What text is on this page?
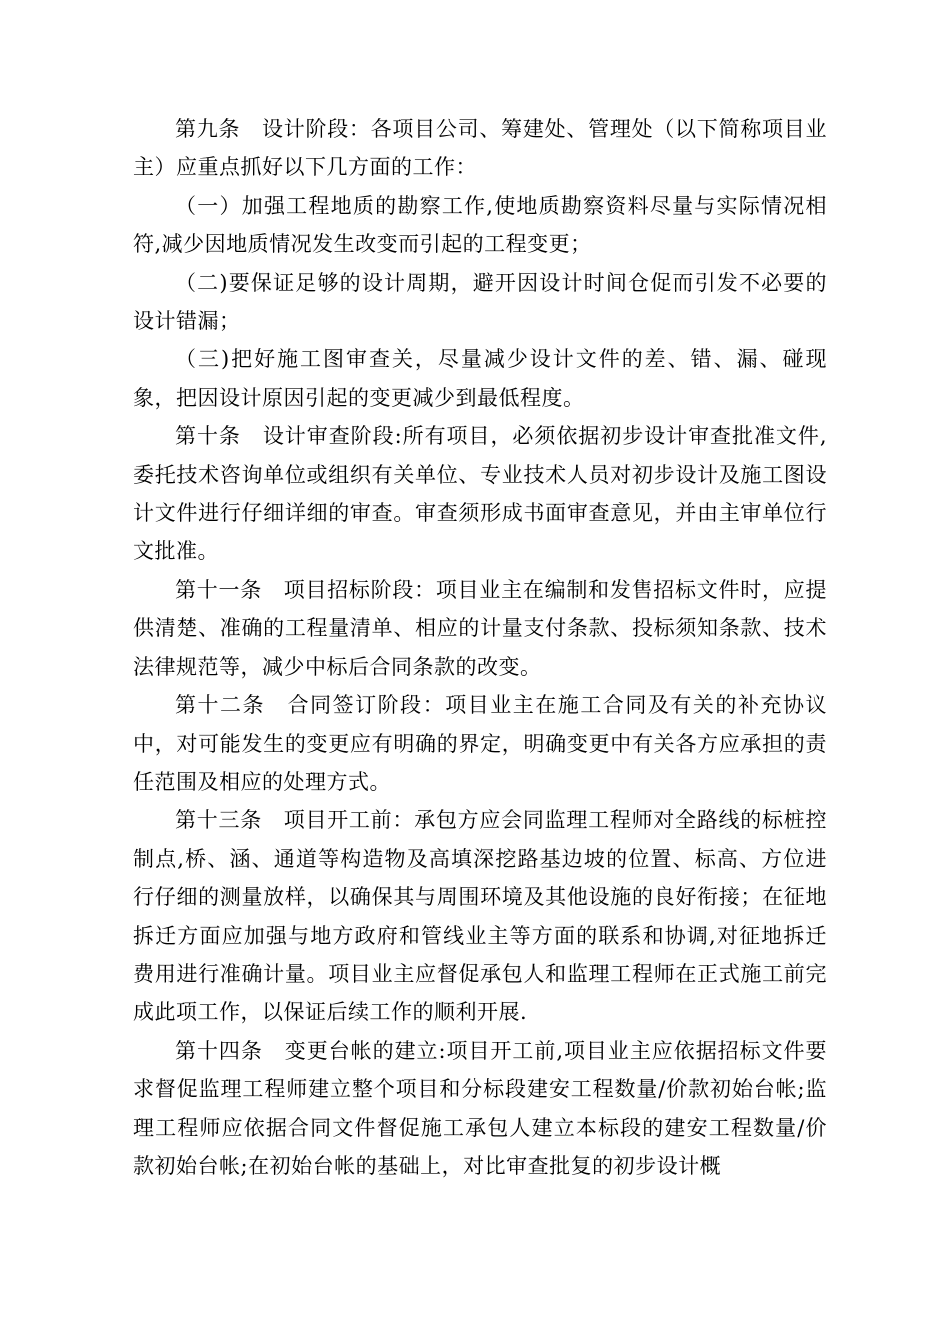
第九条　设计阶段：各项目公司、筹建处、管理处（以下简称项目业主）应重点抓好以下几方面的工作：

（一）加强工程地质的勘察工作,使地质勘察资料尽量与实际情况相符,减少因地质情况发生改变而引起的工程变更；

（二)要保证足够的设计周期，避开因设计时间仓促而引发不必要的设计错漏；

（三)把好施工图审查关，尽量减少设计文件的差、错、漏、碰现象，把因设计原因引起的变更减少到最低程度。

第十条　设计审查阶段:所有项目，必须依据初步设计审查批准文件,委托技术咨询单位或组织有关单位、专业技术人员对初步设计及施工图设计文件进行仔细详细的审查。审查须形成书面审查意见，并由主审单位行文批准。

第十一条　项目招标阶段：项目业主在编制和发售招标文件时，应提供清楚、准确的工程量清单、相应的计量支付条款、投标须知条款、技术法律规范等，减少中标后合同条款的改变。

第十二条　合同签订阶段：项目业主在施工合同及有关的补充协议中，对可能发生的变更应有明确的界定，明确变更中有关各方应承担的责任范围及相应的处理方式。

第十三条　项目开工前：承包方应会同监理工程师对全路线的标桩控制点,桥、涵、通道等构造物及高填深挖路基边坡的位置、标高、方位进行仔细的测量放样，以确保其与周围环境及其他设施的良好衔接；在征地拆迁方面应加强与地方政府和管线业主等方面的联系和协调,对征地拆迁费用进行准确计量。项目业主应督促承包人和监理工程师在正式施工前完成此项工作，以保证后续工作的顺利开展.

第十四条　变更台帐的建立:项目开工前,项目业主应依据招标文件要求督促监理工程师建立整个项目和分标段建安工程数量/价款初始台帐;监理工程师应依据合同文件督促施工承包人建立本标段的建安工程数量/价款初始台帐;在初始台帐的基础上，对比审查批复的初步设计概
